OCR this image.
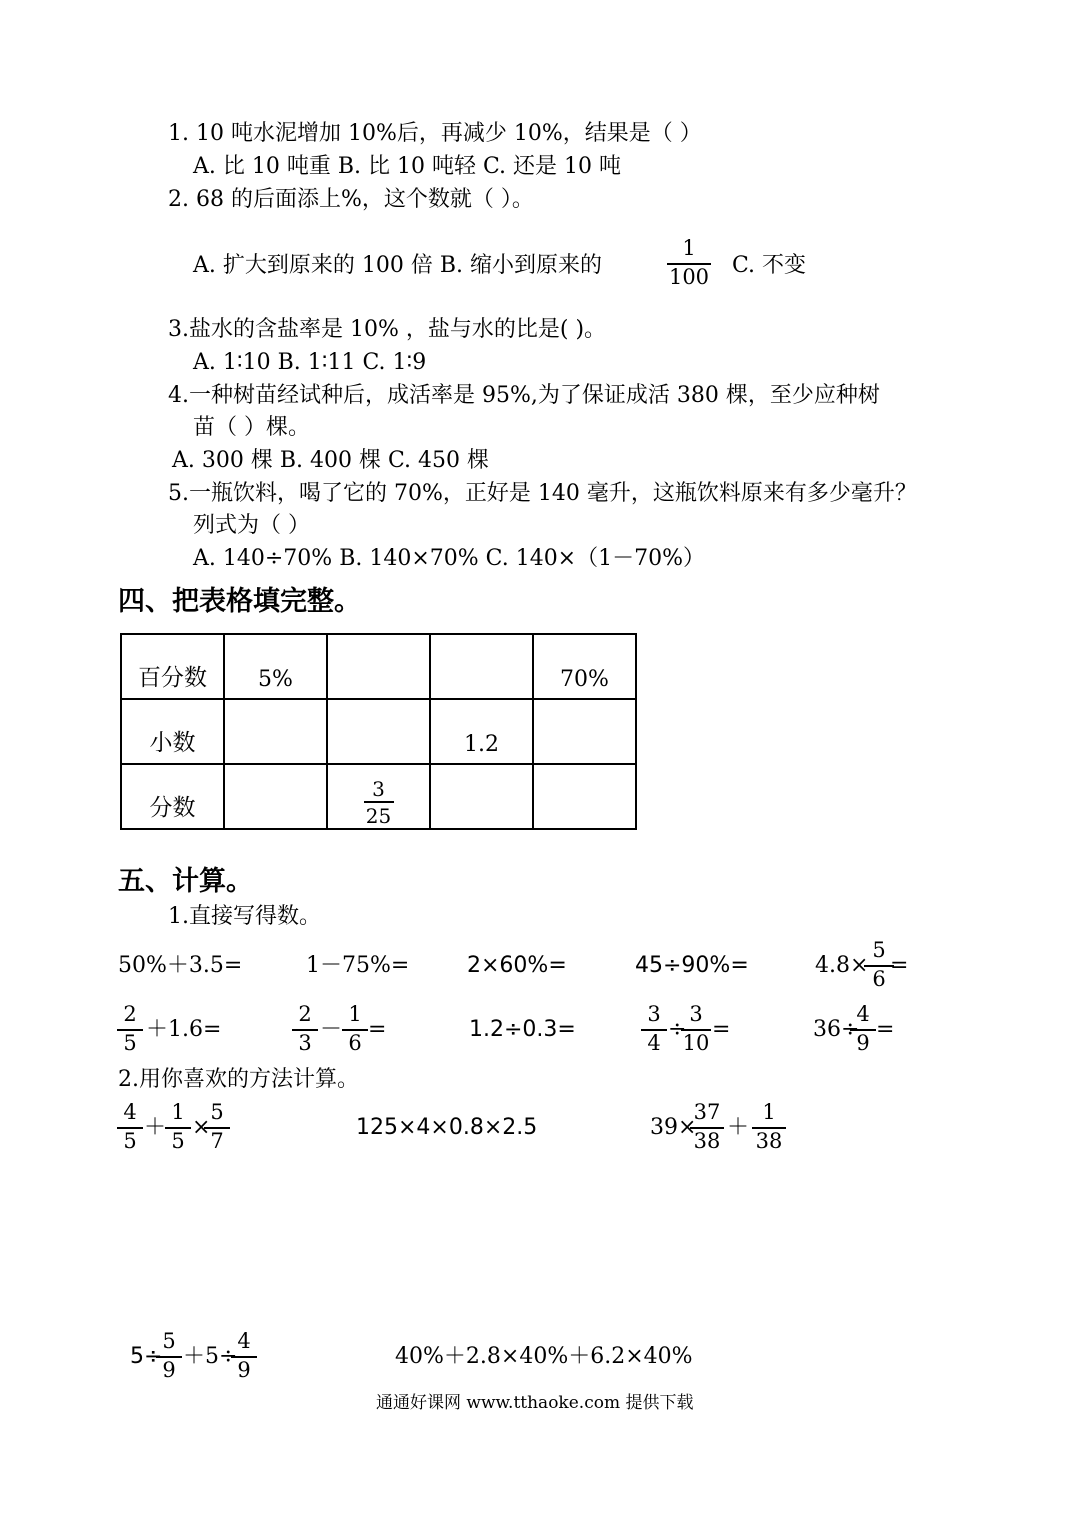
1. 10 吨水泥增加 10%后，再减少 10%，结果是（ ）
A. 比 10 吨重 B. 比 10 吨轻 C. 还是 10 吨
2. 68 的后面添上%，这个数就（ ）。
A. 扩大到原来的 100 倍 B. 缩小到原来的
1
100 C. 不变
3.盐水的含盐率是 10% ，盐与水的比是( )。
A. 1∶10 B. 1∶11 C. 1∶9
4.一种树苗经试种后，成活率是 95%,为了保证成活 380 棵，至少应种树
苗（ ）棵。
A. 300 棵 B. 400 棵 C. 450 棵
5.一瓶饮料，喝了它的 70%，正好是 140 毫升，这瓶饮料原来有多少毫升？
列式为（ ）
A. 140÷70% B. 140×70% C. 140×（1－70%）
四、把表格填完整。
百分数	5%			70%
小数			1.2	
分数		3
25		

五、计算。
1.直接写得数。
50%＋3.5=	1－75%=	2×60%=	45÷90%=	4.8×
5
6
=
2
5
＋1.6=
2
3
－
1
6
=	1.2÷0.3=
3
4
÷
3
10
=	36÷
4
9
=
2.用你喜欢的方法计算。
4
5
＋
1
5
×
5
7
125×4×0.8×2.5	39×
37
38
＋
1
38
5÷
5
9
＋5÷
4
9
40%＋2.8×40%＋6.2×40%
通通好课网 www.tthaoke.com 提供下载
